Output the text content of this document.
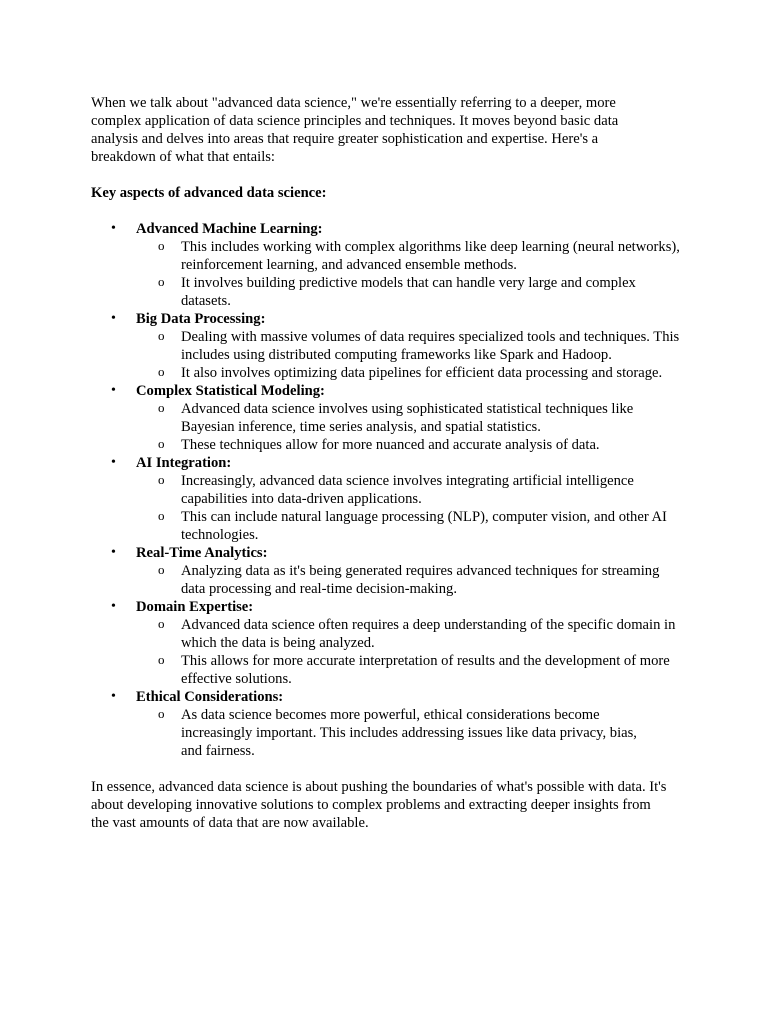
When we talk about "advanced data science," we're essentially referring to a deeper, more complex application of data science principles and techniques. It moves beyond basic data analysis and delves into areas that require greater sophistication and expertise. Here's a breakdown of what that entails:

Key aspects of advanced data science:

• Advanced Machine Learning:
o This includes working with complex algorithms like deep learning (neural networks), reinforcement learning, and advanced ensemble methods.
o It involves building predictive models that can handle very large and complex datasets.
• Big Data Processing:
o Dealing with massive volumes of data requires specialized tools and techniques. This includes using distributed computing frameworks like Spark and Hadoop.
o It also involves optimizing data pipelines for efficient data processing and storage.
• Complex Statistical Modeling:
o Advanced data science involves using sophisticated statistical techniques like Bayesian inference, time series analysis, and spatial statistics.
o These techniques allow for more nuanced and accurate analysis of data.
• AI Integration:
o Increasingly, advanced data science involves integrating artificial intelligence capabilities into data-driven applications.
o This can include natural language processing (NLP), computer vision, and other AI technologies.
• Real-Time Analytics:
o Analyzing data as it's being generated requires advanced techniques for streaming data processing and real-time decision-making.
• Domain Expertise:
o Advanced data science often requires a deep understanding of the specific domain in which the data is being analyzed.
o This allows for more accurate interpretation of results and the development of more effective solutions.
• Ethical Considerations:
o As data science becomes more powerful, ethical considerations become increasingly important. This includes addressing issues like data privacy, bias, and fairness.

In essence, advanced data science is about pushing the boundaries of what's possible with data. It's about developing innovative solutions to complex problems and extracting deeper insights from the vast amounts of data that are now available.
